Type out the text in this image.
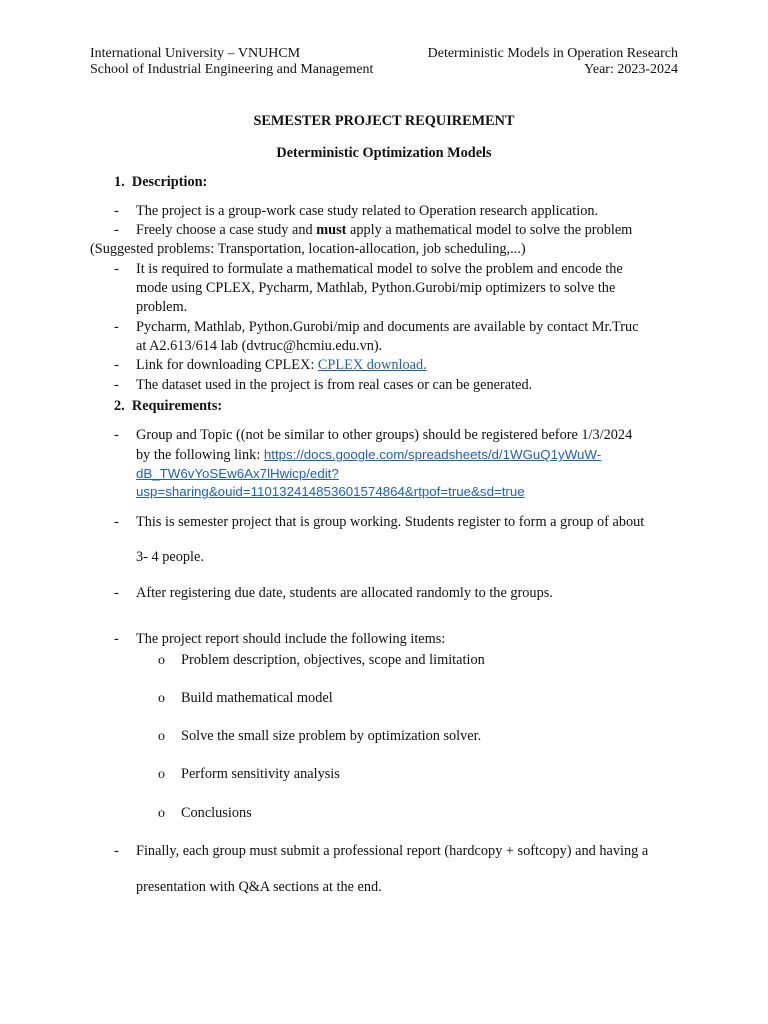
International University – VNUHCM
School of Industrial Engineering and Management
Deterministic Models in Operation Research
Year: 2023-2024
SEMESTER PROJECT REQUIREMENT
Deterministic Optimization Models
1.  Description:
- The project is a group-work case study related to Operation research application.
- Freely choose a case study and must apply a mathematical model to solve the problem
(Suggested problems: Transportation, location-allocation, job scheduling,...)
- It is required to formulate a mathematical model to solve the problem and encode the
mode using CPLEX, Pycharm, Mathlab, Python.Gurobi/mip optimizers to solve the
problem.
- Pycharm, Mathlab, Python.Gurobi/mip and documents are available by contact Mr.Truc
at A2.613/614 lab (dvtruc@hcmiu.edu.vn).
- Link for downloading CPLEX: CPLEX download.
- The dataset used in the project is from real cases or can be generated.
2.  Requirements:
- Group and Topic ((not be similar to other groups) should be registered before 1/3/2024
by the following link: https://docs.google.com/spreadsheets/d/1WGuQ1yWuW-
dB_TW6vYoSEw6Ax7lHwicp/edit?
usp=sharing&ouid=110132414853601574864&rtpof=true&sd=true
- This is semester project that is group working. Students register to form a group of about
3- 4 people.
- After registering due date, students are allocated randomly to the groups.
- The project report should include the following items:
o Problem description, objectives, scope and limitation
o Build mathematical model
o Solve the small size problem by optimization solver.
o Perform sensitivity analysis
o Conclusions
- Finally, each group must submit a professional report (hardcopy + softcopy) and having a
presentation with Q&A sections at the end.
